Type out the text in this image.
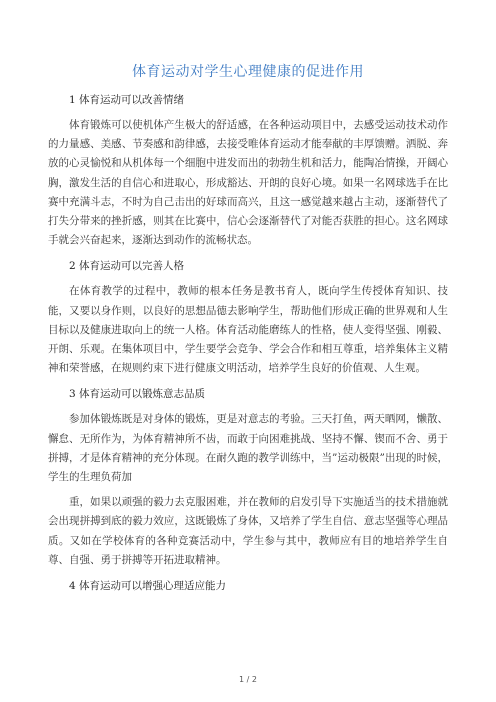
体育运动对学生心理健康的促进作用
1 体育运动可以改善情绪

体育锻炼可以使机体产生极大的舒适感，在各种运动项目中，去感受运动技术动作的力量感、美感、节奏感和韵律感，去接受唯体育运动才能奉献的丰厚馈赠。洒脱、奔放的心灵愉悦和从机体每一个细胞中进发而出的勃勃生机和活力，能陶冶情操，开阔心胸，激发生活的自信心和进取心，形成豁达、开朗的良好心境。如果一名网球选手在比赛中充满斗志，不时为自己击出的好球而高兴，且这一感觉越来越占主动，逐渐替代了打失分带来的挫折感，则其在比赛中，信心会逐渐替代了对能否获胜的担心。这名网球手就会兴奋起来，逐渐达到动作的流畅状态。

2 体育运动可以完善人格

在体育教学的过程中，教师的根本任务是教书育人，既向学生传授体育知识、技能，又要以身作则，以良好的思想品德去影响学生，帮助他们形成正确的世界观和人生目标以及健康进取向上的统一人格。体育活动能磨练人的性格，使人变得坚强、刚毅、开朗、乐观。在集体项目中，学生要学会竞争、学会合作和相互尊重，培养集体主义精神和荣誉感，在规则约束下进行健康文明活动，培养学生良好的价值观、人生观。

3 体育运动可以锻炼意志品质

参加体锻炼既是对身体的锻炼，更是对意志的考验。三天打鱼，两天晒网，懒散、懈怠、无所作为，为体育精神所不齿，而敢于向困难挑战、坚持不懈、锲而不舍、勇于拼搏，才是体育精神的充分体现。在耐久跑的教学训练中，当”运动极限”出现的时候，学生的生理负荷加

重，如果以顽强的毅力去克服困难，并在教师的启发引导下实施适当的技术措施就会出现拼搏到底的毅力效应，这既锻炼了身体，又培养了学生自信、意志坚强等心理品质。又如在学校体育的各种竞赛活动中，学生参与其中，教师应有目的地培养学生自尊、自强、勇于拼搏等开拓进取精神。

4 体育运动可以增强心理适应能力
1 / 2
